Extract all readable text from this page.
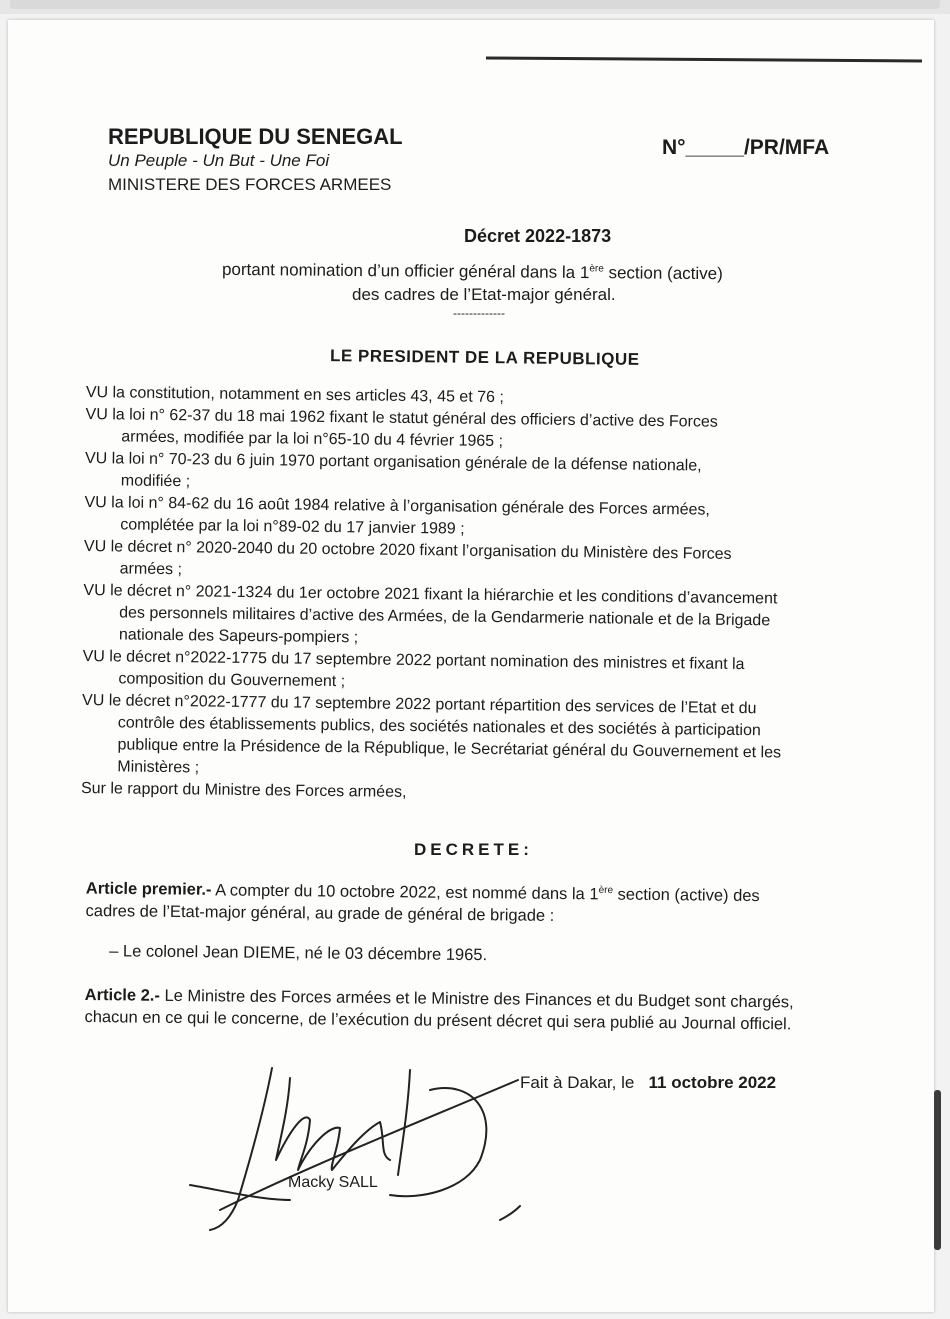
REPUBLIQUE DU SENEGAL
Un Peuple - Un But - Une Foi
MINISTERE DES FORCES ARMEES
N°_____/PR/MFA
Décret 2022-1873
portant nomination d’un officier général dans la 1ère section (active)
des cadres de l’Etat-major général.
-------------
LE PRESIDENT DE LA REPUBLIQUE
VU la constitution, notamment en ses articles 43, 45 et 76 ;
VU la loi n° 62-37 du 18 mai 1962 fixant le statut général des officiers d’active des Forces
armées, modifiée par la loi n°65-10 du 4 février 1965 ;
VU la loi n° 70-23 du 6 juin 1970 portant organisation générale de la défense nationale,
modifiée ;
VU la loi n° 84-62 du 16 août 1984 relative à l’organisation générale des Forces armées,
complétée par la loi n°89-02 du 17 janvier 1989 ;
VU le décret n° 2020-2040 du 20 octobre 2020 fixant l’organisation du Ministère des Forces
armées ;
VU le décret n° 2021-1324 du 1er octobre 2021 fixant la hiérarchie et les conditions d’avancement
des personnels militaires d’active des Armées, de la Gendarmerie nationale et de la Brigade
nationale des Sapeurs-pompiers ;
VU le décret n°2022-1775 du 17 septembre 2022 portant nomination des ministres et fixant la
composition du Gouvernement ;
VU le décret n°2022-1777 du 17 septembre 2022 portant répartition des services de l’Etat et du
contrôle des établissements publics, des sociétés nationales et des sociétés à participation
publique entre la Présidence de la République, le Secrétariat général du Gouvernement et les
Ministères ;
Sur le rapport du Ministre des Forces armées,
DECRETE:

Article premier.- A compter du 10 octobre 2022, est nommé dans la 1ère section (active) des
cadres de l’Etat-major général, au grade de général de brigade :

– Le colonel Jean DIEME, né le 03 décembre 1965.

Article 2.- Le Ministre des Forces armées et le Ministre des Finances et du Budget sont chargés,
chacun en ce qui le concerne, de l’exécution du présent décret qui sera publié au Journal officiel.

Fait à Dakar, le 11 octobre 2022
Macky SALL
